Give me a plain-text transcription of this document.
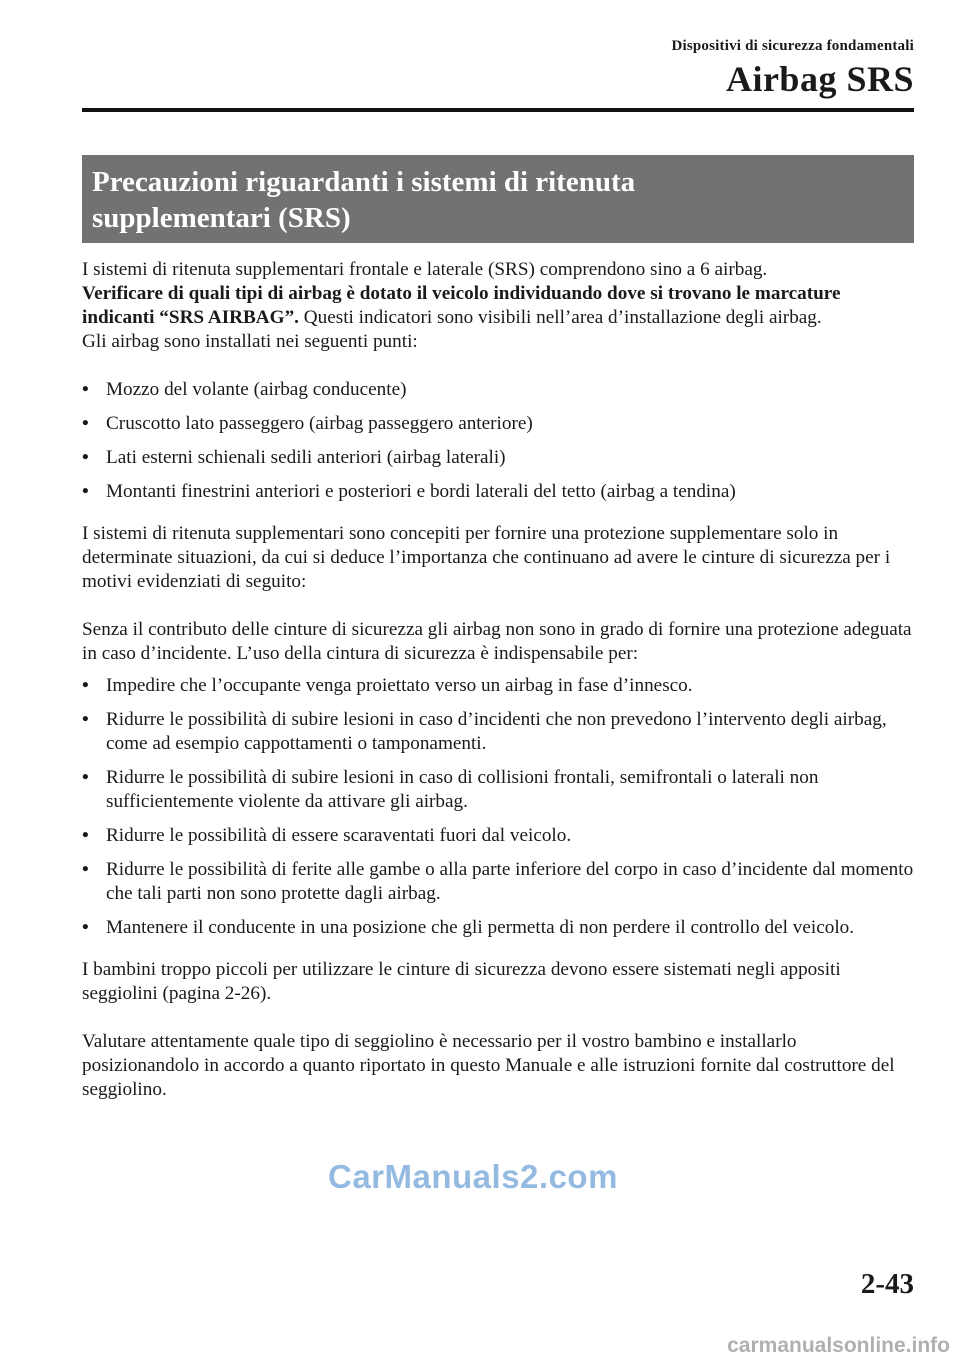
Dispositivi di sicurezza fondamentali
Airbag SRS
Precauzioni riguardanti i sistemi di ritenuta
supplementari (SRS)

I sistemi di ritenuta supplementari frontale e laterale (SRS) comprendono sino a 6 airbag.

Verificare di quali tipi di airbag è dotato il veicolo individuando dove si trovano le marcature indicanti “SRS AIRBAG”. Questi indicatori sono visibili nell’area d’installazione degli airbag.

Gli airbag sono installati nei seguenti punti:

• Mozzo del volante (airbag conducente)
• Cruscotto lato passeggero (airbag passeggero anteriore)
• Lati esterni schienali sedili anteriori (airbag laterali)
• Montanti finestrini anteriori e posteriori e bordi laterali del tetto (airbag a tendina)

I sistemi di ritenuta supplementari sono concepiti per fornire una protezione supplementare solo in determinate situazioni, da cui si deduce l’importanza che continuano ad avere le cinture di sicurezza per i motivi evidenziati di seguito:

Senza il contributo delle cinture di sicurezza gli airbag non sono in grado di fornire una protezione adeguata in caso d’incidente. L’uso della cintura di sicurezza è indispensabile per:

• Impedire che l’occupante venga proiettato verso un airbag in fase d’innesco.
• Ridurre le possibilità di subire lesioni in caso d’incidenti che non prevedono l’intervento degli airbag, come ad esempio cappottamenti o tamponamenti.
• Ridurre le possibilità di subire lesioni in caso di collisioni frontali, semifrontali o laterali non sufficientemente violente da attivare gli airbag.
• Ridurre le possibilità di essere scaraventati fuori dal veicolo.
• Ridurre le possibilità di ferite alle gambe o alla parte inferiore del corpo in caso d’incidente dal momento che tali parti non sono protette dagli airbag.
• Mantenere il conducente in una posizione che gli permetta di non perdere il controllo del veicolo.

I bambini troppo piccoli per utilizzare le cinture di sicurezza devono essere sistemati negli appositi seggiolini (pagina 2-26).

Valutare attentamente quale tipo di seggiolino è necessario per il vostro bambino e installarlo posizionandolo in accordo a quanto riportato in questo Manuale e alle istruzioni fornite dal costruttore del seggiolino.

CarManuals2.com
2-43
carmanualsonline.info
